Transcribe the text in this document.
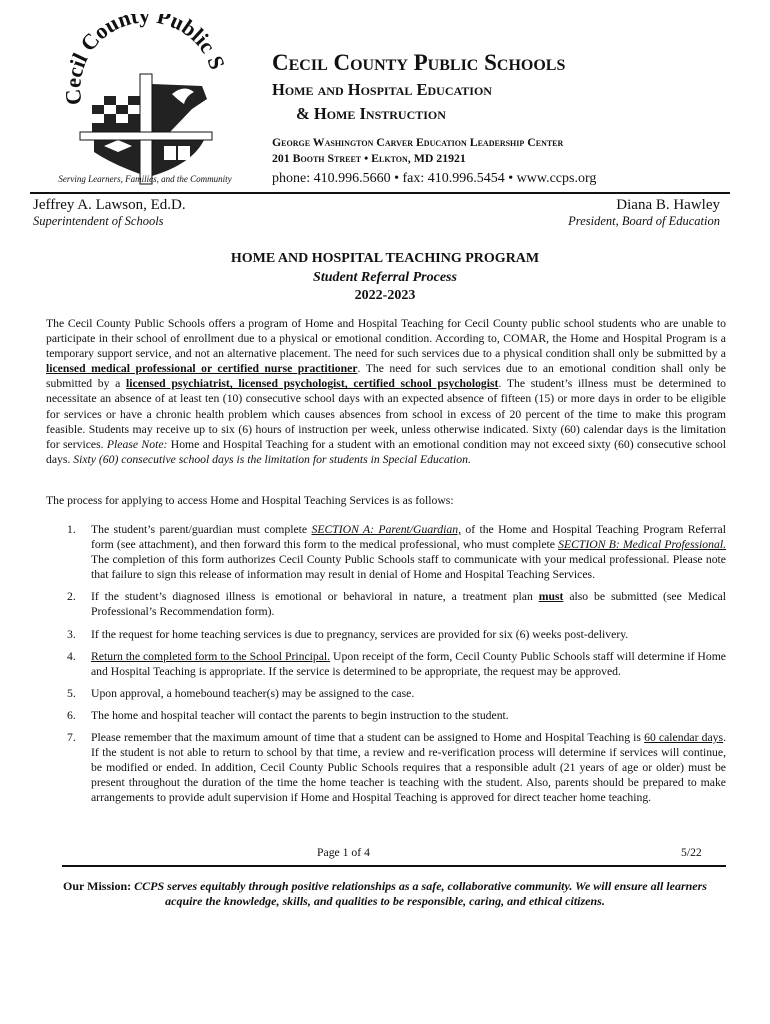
Cecil County Public S
Serving Learners, Families, and the Community
Cecil County Public Schools
Home and Hospital Education
& Home Instruction
George Washington Carver Education Leadership Center
201 Booth Street • Elkton, MD 21921
phone: 410.996.5660 • fax: 410.996.5454 • www.ccps.org
Jeffrey A. Lawson, Ed.D.
Superintendent of Schools
Diana B. Hawley
President, Board of Education
HOME AND HOSPITAL TEACHING PROGRAM
Student Referral Process
2022-2023
The Cecil County Public Schools offers a program of Home and Hospital Teaching for Cecil County public school students who are unable to participate in their school of enrollment due to a physical or emotional condition. According to, COMAR, the Home and Hospital Program is a temporary support service, and not an alternative placement. The need for such services due to a physical condition shall only be submitted by a licensed medical professional or certified nurse practitioner. The need for such services due to an emotional condition shall only be submitted by a licensed psychiatrist, licensed psychologist, certified school psychologist. The student’s illness must be determined to necessitate an absence of at least ten (10) consecutive school days with an expected absence of fifteen (15) or more days in order to be eligible for services or have a chronic health problem which causes absences from school in excess of 20 percent of the time to make this program feasible. Students may receive up to six (6) hours of instruction per week, unless otherwise indicated. Sixty (60) calendar days is the limitation for services. Please Note: Home and Hospital Teaching for a student with an emotional condition may not exceed sixty (60) consecutive school days. Sixty (60) consecutive school days is the limitation for students in Special Education.
The process for applying to access Home and Hospital Teaching Services is as follows:
1. The student’s parent/guardian must complete SECTION A: Parent/Guardian, of the Home and Hospital Teaching Program Referral form (see attachment), and then forward this form to the medical professional, who must complete SECTION B: Medical Professional. The completion of this form authorizes Cecil County Public Schools staff to communicate with your medical professional. Please note that failure to sign this release of information may result in denial of Home and Hospital Teaching Services.
2. If the student’s diagnosed illness is emotional or behavioral in nature, a treatment plan must also be submitted (see Medical Professional’s Recommendation form).
3. If the request for home teaching services is due to pregnancy, services are provided for six (6) weeks post-delivery.
4. Return the completed form to the School Principal. Upon receipt of the form, Cecil County Public Schools staff will determine if Home and Hospital Teaching is appropriate. If the service is determined to be appropriate, the request may be approved.
5. Upon approval, a homebound teacher(s) may be assigned to the case.
6. The home and hospital teacher will contact the parents to begin instruction to the student.
7. Please remember that the maximum amount of time that a student can be assigned to Home and Hospital Teaching is 60 calendar days. If the student is not able to return to school by that time, a review and re-verification process will determine if services will continue, be modified or ended. In addition, Cecil County Public Schools requires that a responsible adult (21 years of age or older) must be present throughout the duration of the time the home teacher is teaching with the student. Also, parents should be prepared to make arrangements to provide adult supervision if Home and Hospital Teaching is approved for direct teacher home teaching.
Page 1 of 4	5/22
Our Mission: CCPS serves equitably through positive relationships as a safe, collaborative community. We will ensure all learners acquire the knowledge, skills, and qualities to be responsible, caring, and ethical citizens.
